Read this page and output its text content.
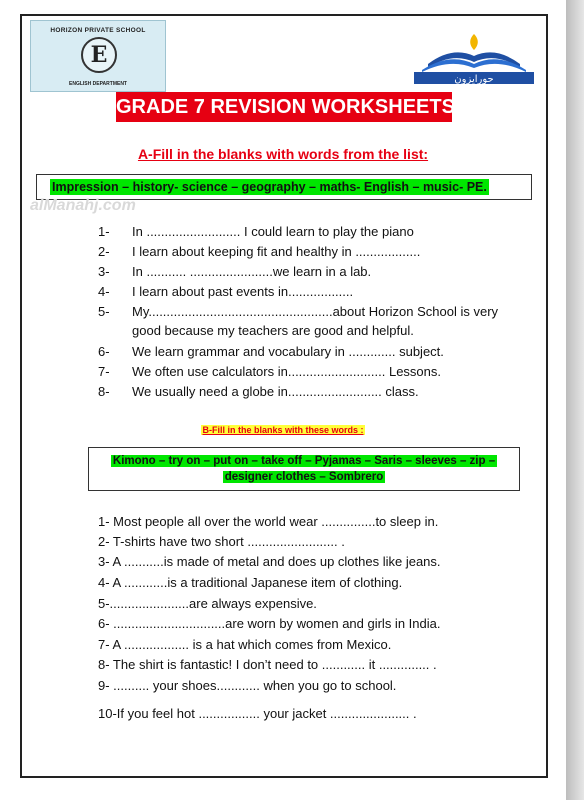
HORIZON PRIVATE SCHOOL
E
ENGLISH DEPARTMENT	حورايزون
GRADE 7 REVISION WORKSHEETS
A-Fill in the blanks with words from the list:
Impression – history- science – geography – maths- English – music- PE.
alManahj.com
1- In .......................... I could learn to play the piano
2- I learn about keeping fit and healthy in ..................
3- In ........... .......................we learn in a lab.
4- I learn about past events in..................
5- My...................................................about Horizon School is very
good because my teachers are good and helpful.
6- We learn grammar and vocabulary in ............. subject.
7- We often use calculators in........................... Lessons.
8- We usually need a globe in.......................... class.
B-Fill in the blanks with these words :
Kimono – try on – put on – take off – Pyjamas – Saris – sleeves – zip –
designer clothes – Sombrero
1- Most people all over the world wear ...............to sleep in.
2- T-shirts have two short ......................... .
3- A ...........is made of metal and does up clothes like jeans.
4- A ............is a traditional Japanese item of clothing.
5-......................are always expensive.
6- ...............................are worn by women and girls in India.
7- A .................. is a hat which comes from Mexico.
8- The shirt is fantastic! I don’t need to ............ it .............. .
9- .......... your shoes............ when you go to school.
10-If you feel hot ................. your jacket ...................... .
